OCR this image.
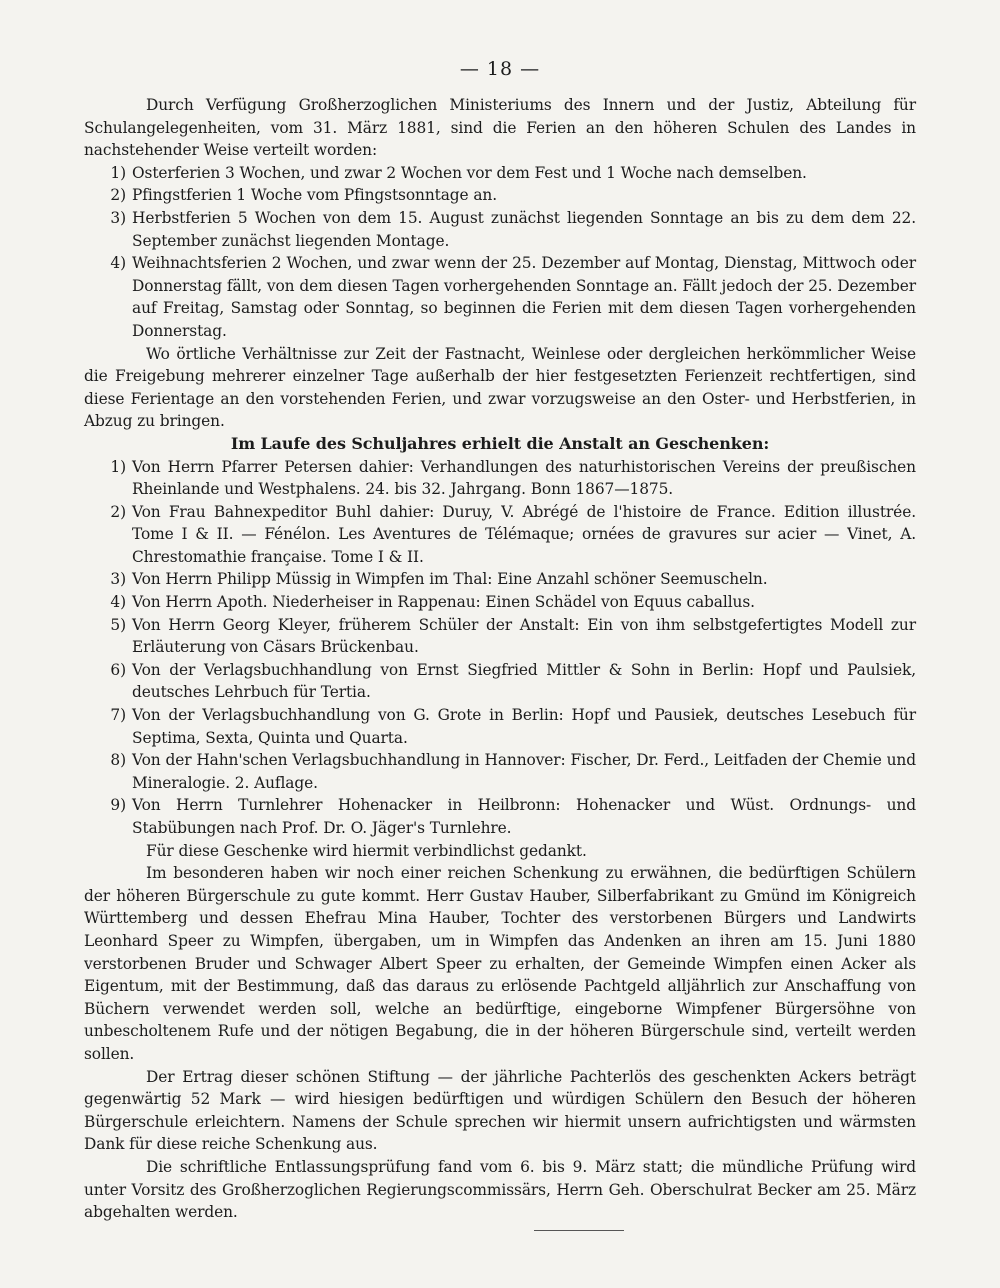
— 18 —

Durch Verfügung Großherzoglichen Ministeriums des Innern und der Justiz, Abteilung für Schulangelegenheiten, vom 31. März 1881, sind die Ferien an den höheren Schulen des Landes in nachstehender Weise verteilt worden:

1) Osterferien 3 Wochen, und zwar 2 Wochen vor dem Fest und 1 Woche nach demselben.
2) Pfingstferien 1 Woche vom Pfingstsonntage an.
3) Herbstferien 5 Wochen von dem 15. August zunächst liegenden Sonntage an bis zu dem dem 22. September zunächst liegenden Montage.
4) Weihnachtsferien 2 Wochen, und zwar wenn der 25. Dezember auf Montag, Dienstag, Mittwoch oder Donnerstag fällt, von dem diesen Tagen vorhergehenden Sonntage an. Fällt jedoch der 25. Dezember auf Freitag, Samstag oder Sonntag, so beginnen die Ferien mit dem diesen Tagen vorhergehenden Donnerstag.

Wo örtliche Verhältnisse zur Zeit der Fastnacht, Weinlese oder dergleichen herkömmlicher Weise die Freigebung mehrerer einzelner Tage außerhalb der hier festgesetzten Ferienzeit rechtfertigen, sind diese Ferientage an den vorstehenden Ferien, und zwar vorzugsweise an den Oster- und Herbstferien, in Abzug zu bringen.

Im Laufe des Schuljahres erhielt die Anstalt an Geschenken:

1) Von Herrn Pfarrer Petersen dahier: Verhandlungen des naturhistorischen Vereins der preußischen Rheinlande und Westphalens. 24. bis 32. Jahrgang. Bonn 1867—1875.
2) Von Frau Bahnexpeditor Buhl dahier: Duruy, V. Abrégé de l'histoire de France. Edition illustrée. Tome I & II. — Fénélon. Les Aventures de Télémaque; ornées de gravures sur acier — Vinet, A. Chrestomathie française. Tome I & II.
3) Von Herrn Philipp Müssig in Wimpfen im Thal: Eine Anzahl schöner Seemuscheln.
4) Von Herrn Apoth. Niederheiser in Rappenau: Einen Schädel von Equus caballus.
5) Von Herrn Georg Kleyer, früherem Schüler der Anstalt: Ein von ihm selbstgefertigtes Modell zur Erläuterung von Cäsars Brückenbau.
6) Von der Verlagsbuchhandlung von Ernst Siegfried Mittler & Sohn in Berlin: Hopf und Paulsiek, deutsches Lehrbuch für Tertia.
7) Von der Verlagsbuchhandlung von G. Grote in Berlin: Hopf und Pausiek, deutsches Lesebuch für Septima, Sexta, Quinta und Quarta.
8) Von der Hahn'schen Verlagsbuchhandlung in Hannover: Fischer, Dr. Ferd., Leitfaden der Chemie und Mineralogie. 2. Auflage.
9) Von Herrn Turnlehrer Hohenacker in Heilbronn: Hohenacker und Wüst. Ordnungs- und Stabübungen nach Prof. Dr. O. Jäger's Turnlehre.

Für diese Geschenke wird hiermit verbindlichst gedankt.

Im besonderen haben wir noch einer reichen Schenkung zu erwähnen, die bedürftigen Schülern der höheren Bürgerschule zu gute kommt. Herr Gustav Hauber, Silberfabrikant zu Gmünd im Königreich Württemberg und dessen Ehefrau Mina Hauber, Tochter des verstorbenen Bürgers und Landwirts Leonhard Speer zu Wimpfen, übergaben, um in Wimpfen das Andenken an ihren am 15. Juni 1880 verstorbenen Bruder und Schwager Albert Speer zu erhalten, der Gemeinde Wimpfen einen Acker als Eigentum, mit der Bestimmung, daß das daraus zu erlösende Pachtgeld alljährlich zur Anschaffung von Büchern verwendet werden soll, welche an bedürftige, eingeborne Wimpfener Bürgersöhne von unbescholtenem Rufe und der nötigen Begabung, die in der höheren Bürgerschule sind, verteilt werden sollen.

Der Ertrag dieser schönen Stiftung — der jährliche Pachterlös des geschenkten Ackers beträgt gegenwärtig 52 Mark — wird hiesigen bedürftigen und würdigen Schülern den Besuch der höheren Bürgerschule erleichtern. Namens der Schule sprechen wir hiermit unsern aufrichtigsten und wärmsten Dank für diese reiche Schenkung aus.

Die schriftliche Entlassungsprüfung fand vom 6. bis 9. März statt; die mündliche Prüfung wird unter Vorsitz des Großherzoglichen Regierungscommissärs, Herrn Geh. Oberschulrat Becker am 25. März abgehalten werden.
